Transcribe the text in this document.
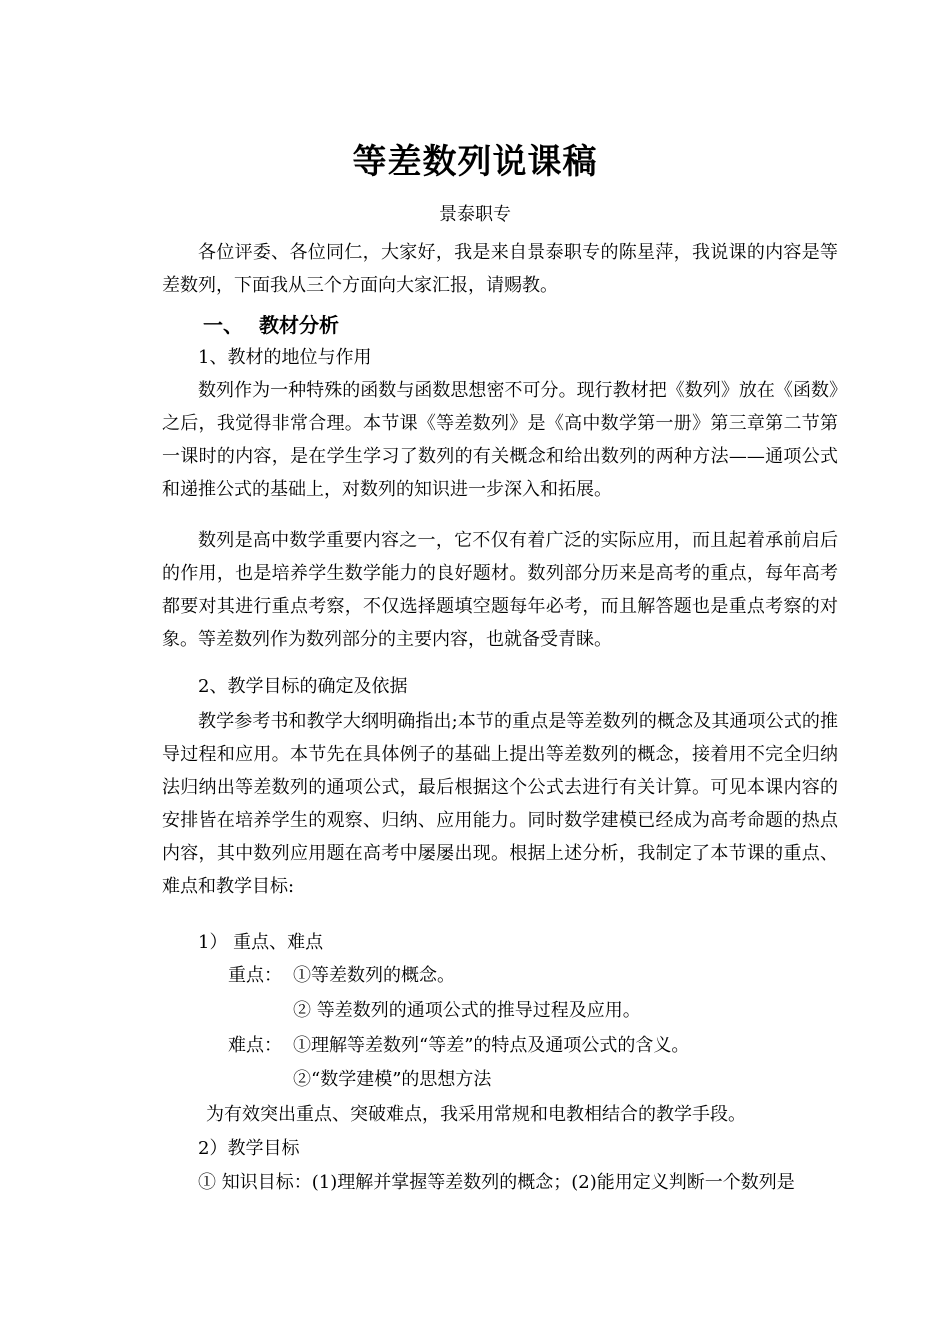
等差数列说课稿
景泰职专

各位评委、各位同仁，大家好，我是来自景泰职专的陈星萍，我说课的内容是等差数列，下面我从三个方面向大家汇报，请赐教。

一、 教材分析
1、教材的地位与作用

数列作为一种特殊的函数与函数思想密不可分。现行教材把《数列》放在《函数》之后，我觉得非常合理。本节课《等差数列》是《高中数学第一册》第三章第二节第一课时的内容，是在学生学习了数列的有关概念和给出数列的两种方法——通项公式和递推公式的基础上，对数列的知识进一步深入和拓展。

数列是高中数学重要内容之一，它不仅有着广泛的实际应用，而且起着承前启后的作用，也是培养学生数学能力的良好题材。数列部分历来是高考的重点，每年高考都要对其进行重点考察，不仅选择题填空题每年必考，而且解答题也是重点考察的对象。等差数列作为数列部分的主要内容，也就备受青睐。

2、教学目标的确定及依据

教学参考书和教学大纲明确指出;本节的重点是等差数列的概念及其通项公式的推导过程和应用。本节先在具体例子的基础上提出等差数列的概念，接着用不完全归纳法归纳出等差数列的通项公式，最后根据这个公式去进行有关计算。可见本课内容的安排皆在培养学生的观察、归纳、应用能力。同时数学建模已经成为高考命题的热点内容，其中数列应用题在高考中屡屡出现。根据上述分析，我制定了本节课的重点、难点和教学目标:

1） 重点、难点
重点： ①等差数列的概念。
② 等差数列的通项公式的推导过程及应用。
难点： ①理解等差数列“等差”的特点及通项公式的含义。
②“数学建模”的思想方法
为有效突出重点、突破难点，我采用常规和电教相结合的教学手段。
2）教学目标
① 知识目标：(1)理解并掌握等差数列的概念；(2)能用定义判断一个数列是
